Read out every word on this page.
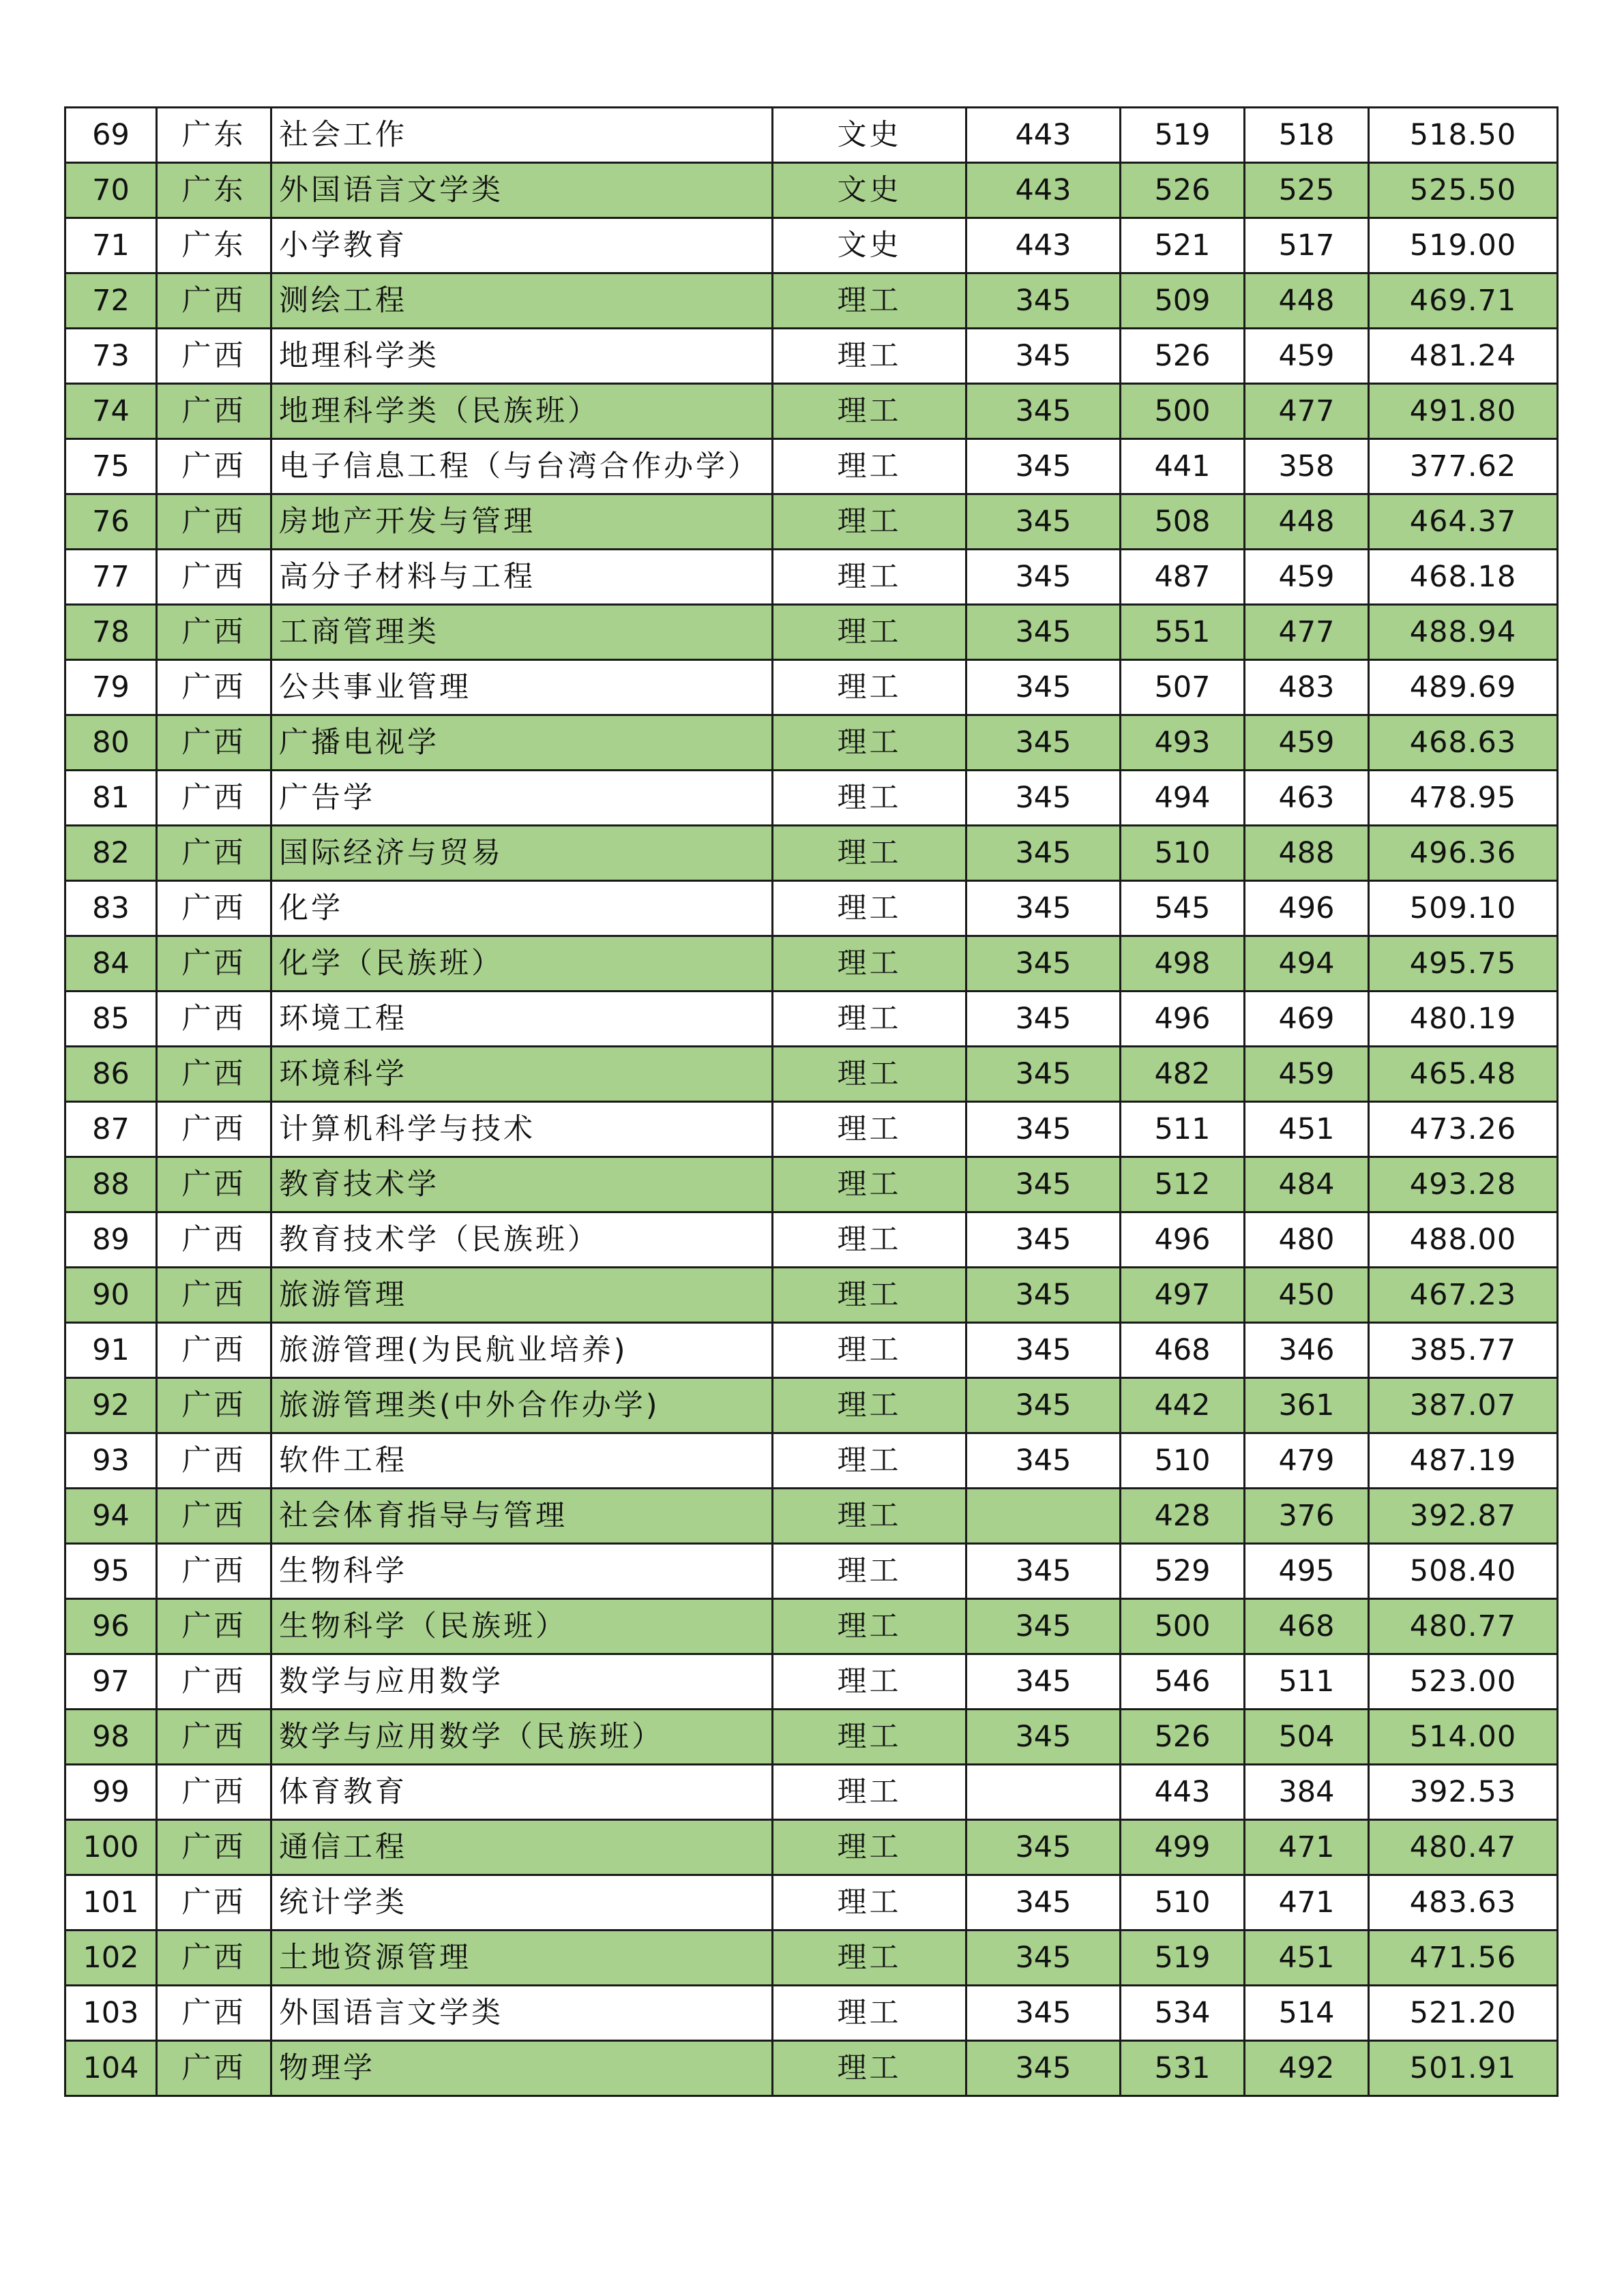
69	广东	社会工作	文史	443	519	518	518.50
70	广东	外国语言文学类	文史	443	526	525	525.50
71	广东	小学教育	文史	443	521	517	519.00
72	广西	测绘工程	理工	345	509	448	469.71
73	广西	地理科学类	理工	345	526	459	481.24
74	广西	地理科学类（民族班）	理工	345	500	477	491.80
75	广西	电子信息工程（与台湾合作办学）	理工	345	441	358	377.62
76	广西	房地产开发与管理	理工	345	508	448	464.37
77	广西	高分子材料与工程	理工	345	487	459	468.18
78	广西	工商管理类	理工	345	551	477	488.94
79	广西	公共事业管理	理工	345	507	483	489.69
80	广西	广播电视学	理工	345	493	459	468.63
81	广西	广告学	理工	345	494	463	478.95
82	广西	国际经济与贸易	理工	345	510	488	496.36
83	广西	化学	理工	345	545	496	509.10
84	广西	化学（民族班）	理工	345	498	494	495.75
85	广西	环境工程	理工	345	496	469	480.19
86	广西	环境科学	理工	345	482	459	465.48
87	广西	计算机科学与技术	理工	345	511	451	473.26
88	广西	教育技术学	理工	345	512	484	493.28
89	广西	教育技术学（民族班）	理工	345	496	480	488.00
90	广西	旅游管理	理工	345	497	450	467.23
91	广西	旅游管理(为民航业培养)	理工	345	468	346	385.77
92	广西	旅游管理类(中外合作办学)	理工	345	442	361	387.07
93	广西	软件工程	理工	345	510	479	487.19
94	广西	社会体育指导与管理	理工		428	376	392.87
95	广西	生物科学	理工	345	529	495	508.40
96	广西	生物科学（民族班）	理工	345	500	468	480.77
97	广西	数学与应用数学	理工	345	546	511	523.00
98	广西	数学与应用数学（民族班）	理工	345	526	504	514.00
99	广西	体育教育	理工		443	384	392.53
100	广西	通信工程	理工	345	499	471	480.47
101	广西	统计学类	理工	345	510	471	483.63
102	广西	土地资源管理	理工	345	519	451	471.56
103	广西	外国语言文学类	理工	345	534	514	521.20
104	广西	物理学	理工	345	531	492	501.91
